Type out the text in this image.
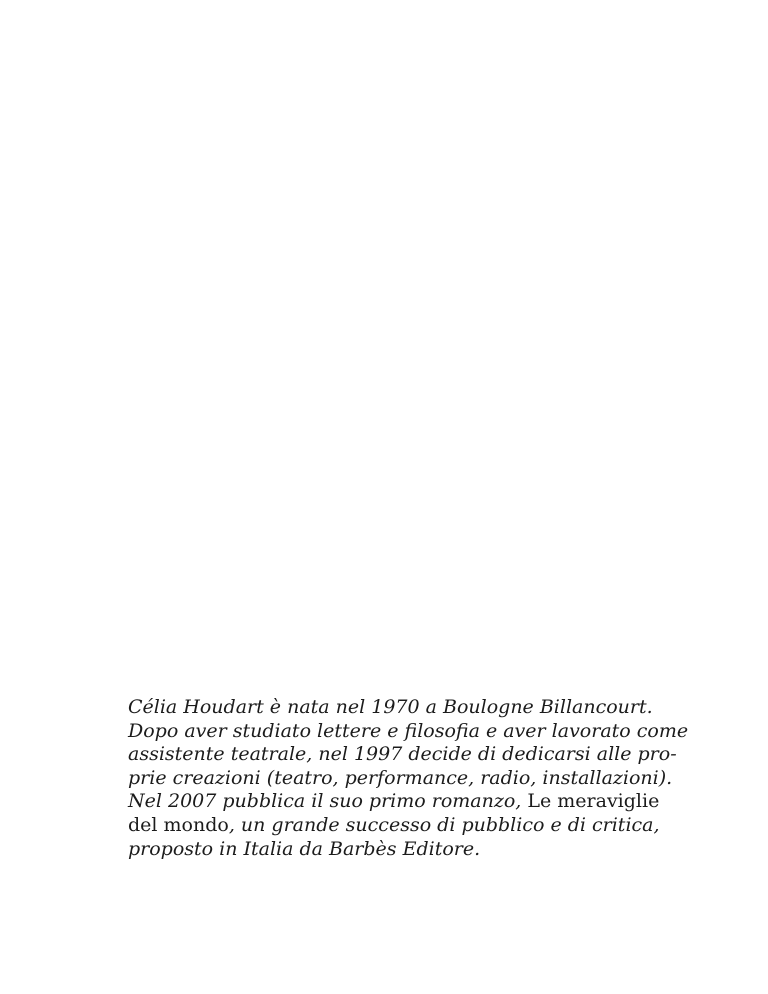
Célia Houdart è nata nel 1970 a Boulogne Billancourt.
Dopo aver studiato lettere e filosofia e aver lavorato come
assistente teatrale, nel 1997 decide di dedicarsi alle pro-
prie creazioni (teatro, performance, radio, installazioni).
Nel 2007 pubblica il suo primo romanzo, Le meraviglie
del mondo, un grande successo di pubblico e di critica,
proposto in Italia da Barbès Editore.
